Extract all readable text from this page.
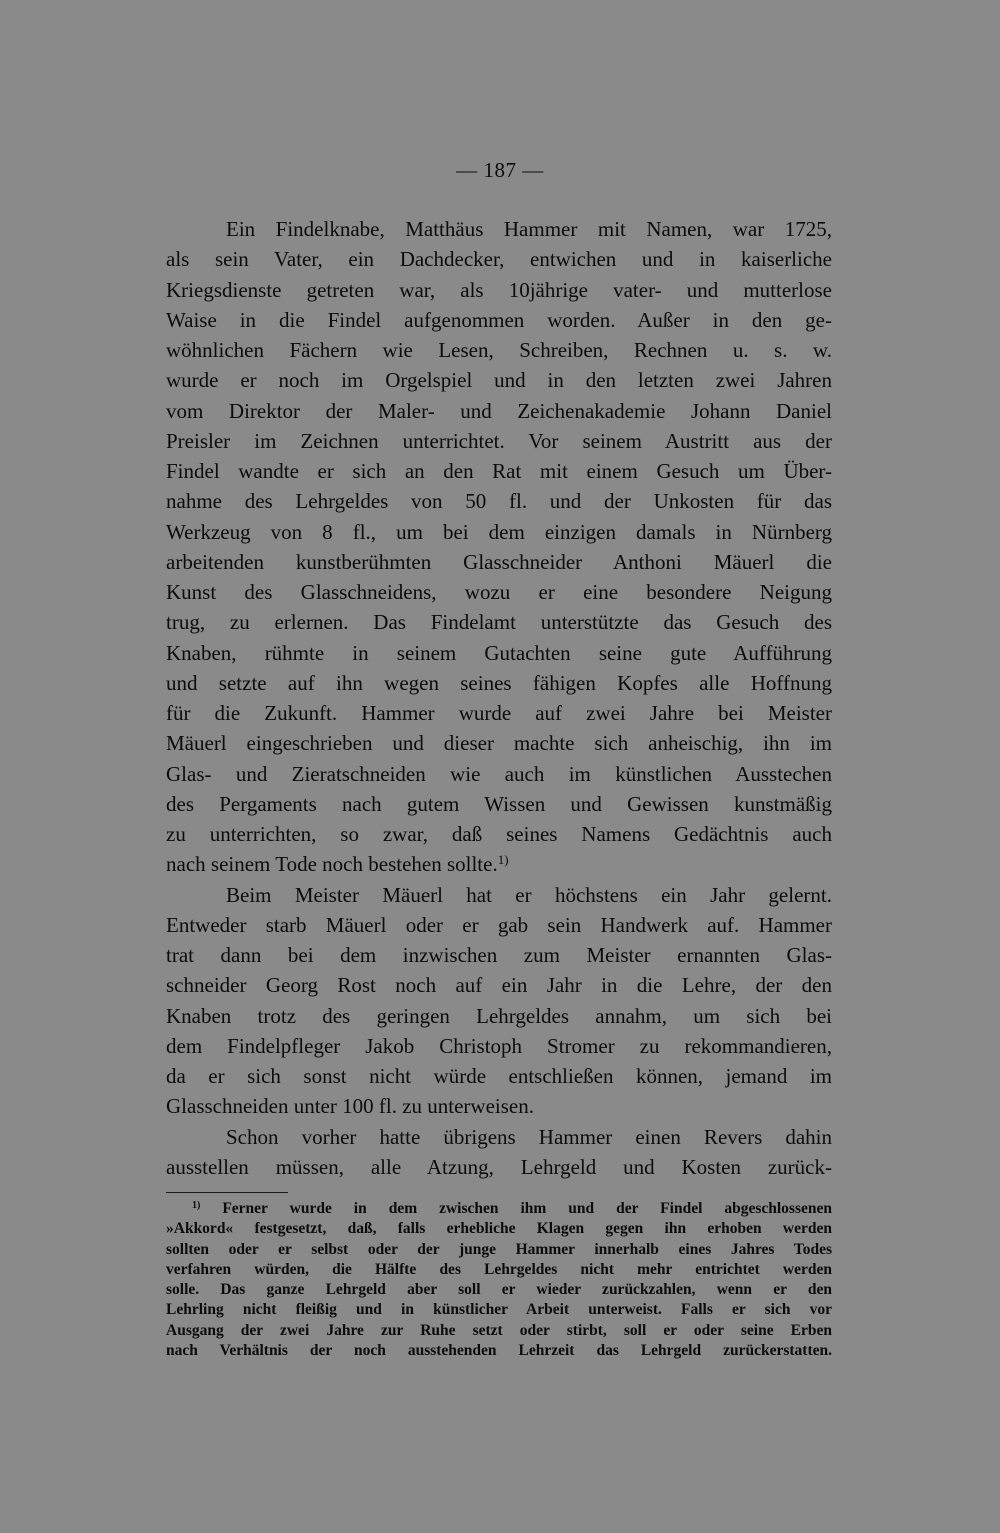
— 187 —
Ein Findelknabe, Matthäus Hammer mit Namen, war 1725,
als sein Vater, ein Dachdecker, entwichen und in kaiserliche
Kriegsdienste getreten war, als 10jährige vater- und mutterlose
Waise in die Findel aufgenommen worden. Außer in den ge-
wöhnlichen Fächern wie Lesen, Schreiben, Rechnen u. s. w.
wurde er noch im Orgelspiel und in den letzten zwei Jahren
vom Direktor der Maler- und Zeichenakademie Johann Daniel
Preisler im Zeichnen unterrichtet. Vor seinem Austritt aus der
Findel wandte er sich an den Rat mit einem Gesuch um Über-
nahme des Lehrgeldes von 50 fl. und der Unkosten für das
Werkzeug von 8 fl., um bei dem einzigen damals in Nürnberg
arbeitenden kunstberühmten Glasschneider Anthoni Mäuerl die
Kunst des Glasschneidens, wozu er eine besondere Neigung
trug, zu erlernen. Das Findelamt unterstützte das Gesuch des
Knaben, rühmte in seinem Gutachten seine gute Aufführung
und setzte auf ihn wegen seines fähigen Kopfes alle Hoffnung
für die Zukunft. Hammer wurde auf zwei Jahre bei Meister
Mäuerl eingeschrieben und dieser machte sich anheischig, ihn im
Glas- und Zieratschneiden wie auch im künstlichen Ausstechen
des Pergaments nach gutem Wissen und Gewissen kunstmäßig
zu unterrichten, so zwar, daß seines Namens Gedächtnis auch
nach seinem Tode noch bestehen sollte.$^{1)}$
Beim Meister Mäuerl hat er höchstens ein Jahr gelernt.
Entweder starb Mäuerl oder er gab sein Handwerk auf. Hammer
trat dann bei dem inzwischen zum Meister ernannten Glas-
schneider Georg Rost noch auf ein Jahr in die Lehre, der den
Knaben trotz des geringen Lehrgeldes annahm, um sich bei
dem Findelpfleger Jakob Christoph Stromer zu rekommandieren,
da er sich sonst nicht würde entschließen können, jemand im
Glasschneiden unter 100 fl. zu unterweisen.
Schon vorher hatte übrigens Hammer einen Revers dahin
ausstellen müssen, alle Atzung, Lehrgeld und Kosten zurück-
$^{1)}$ Ferner wurde in dem zwischen ihm und der Findel abgeschlossenen
»Akkord« festgesetzt, daß, falls erhebliche Klagen gegen ihn erhoben werden
sollten oder er selbst oder der junge Hammer innerhalb eines Jahres Todes
verfahren würden, die Hälfte des Lehrgeldes nicht mehr entrichtet werden
solle. Das ganze Lehrgeld aber soll er wieder zurückzahlen, wenn er den
Lehrling nicht fleißig und in künstlicher Arbeit unterweist. Falls er sich vor
Ausgang der zwei Jahre zur Ruhe setzt oder stirbt, soll er oder seine Erben
nach Verhältnis der noch ausstehenden Lehrzeit das Lehrgeld zurückerstatten.
